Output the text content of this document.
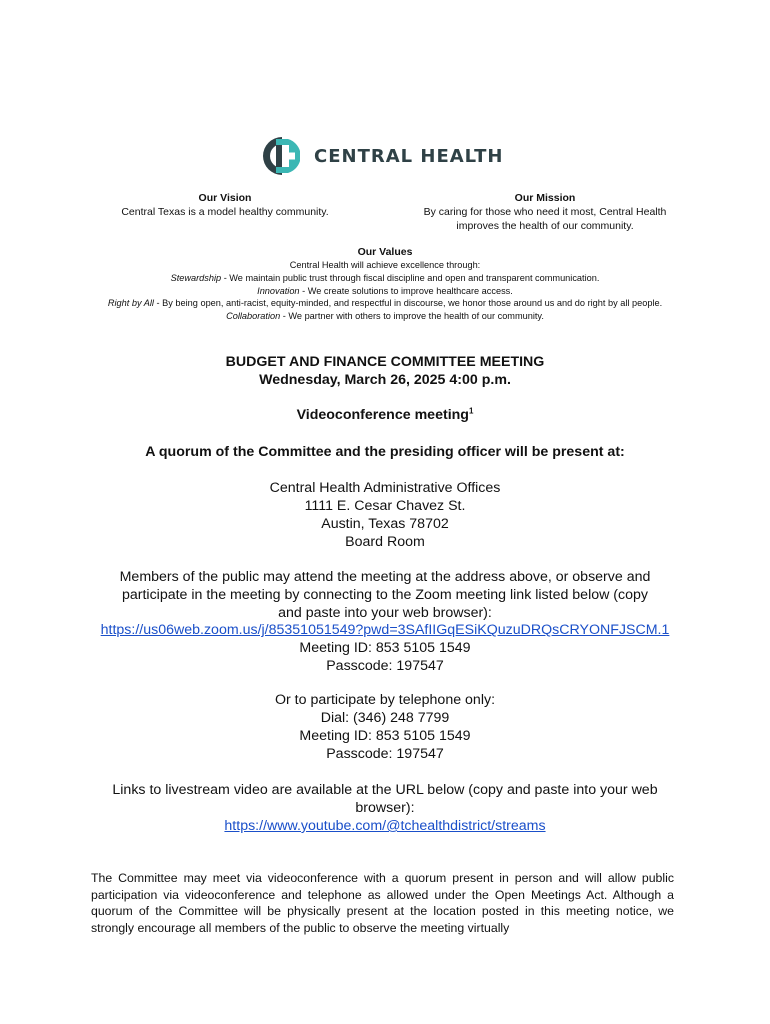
CENTRAL HEALTH
Our Vision
Central Texas is a model healthy community.
Our Mission
By caring for those who need it most, Central Health
improves the health of our community.
Our Values
Central Health will achieve excellence through:
Stewardship - We maintain public trust through fiscal discipline and open and transparent communication.
Innovation - We create solutions to improve healthcare access.
Right by All - By being open, anti-racist, equity-minded, and respectful in discourse, we honor those around us and do right by all people.
Collaboration - We partner with others to improve the health of our community.
BUDGET AND FINANCE COMMITTEE MEETING
Wednesday, March 26, 2025 4:00 p.m.
Videoconference meeting$^1$
A quorum of the Committee and the presiding officer will be present at:
Central Health Administrative Offices
1111 E. Cesar Chavez St.
Austin, Texas 78702
Board Room
Members of the public may attend the meeting at the address above, or observe and
participate in the meeting by connecting to the Zoom meeting link listed below (copy
and paste into your web browser):
https://us06web.zoom.us/j/85351051549?pwd=3SAfIIGqESiKQuzuDRQsCRYONFJSCM.1
Meeting ID: 853 5105 1549
Passcode: 197547
Or to participate by telephone only:
Dial: (346) 248 7799
Meeting ID: 853 5105 1549
Passcode: 197547
Links to livestream video are available at the URL below (copy and paste into your web
browser):
https://www.youtube.com/@tchealthdistrict/streams
The Committee may meet via videoconference with a quorum present in person and will allow public participation via videoconference and telephone as allowed under the Open Meetings Act. Although a quorum of the Committee will be physically present at the location posted in this meeting notice, we strongly encourage all members of the public to observe the meeting virtually
